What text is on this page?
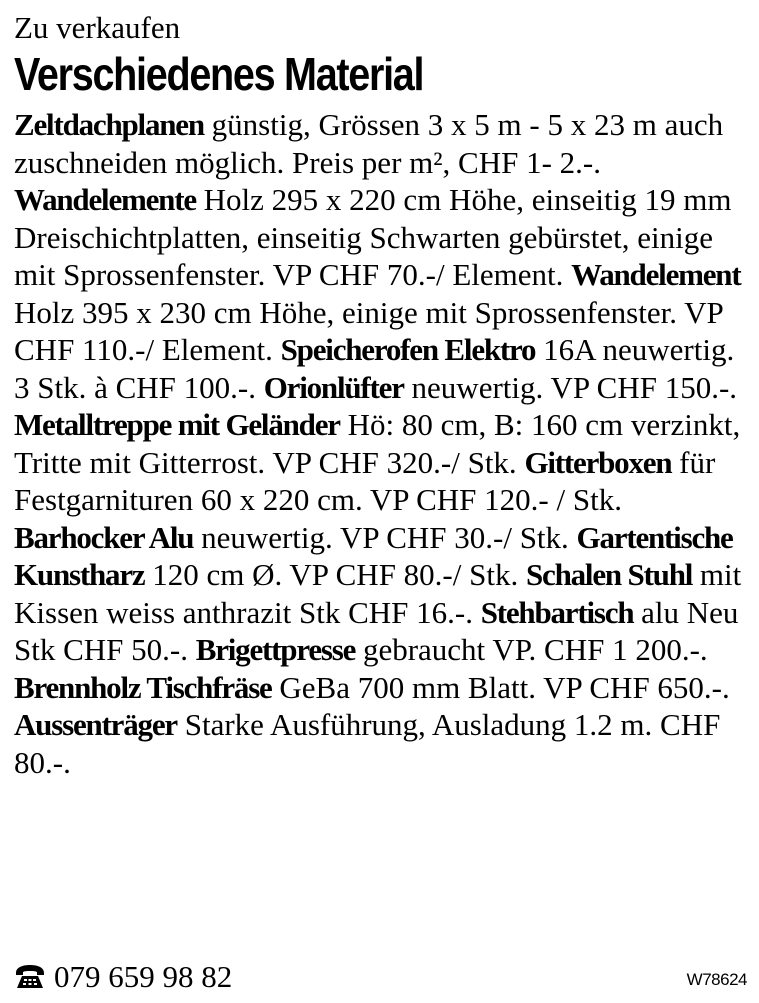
Zu verkaufen

Verschiedenes Material

Zeltdachplanen günstig, Grössen 3 x 5 m - 5 x 23 m auch zuschneiden möglich. Preis per m², CHF 1- 2.-. Wandelemente Holz 295 x 220 cm Höhe, einseitig 19 mm Dreischichtplatten, einseitig Schwarten gebürstet, einige mit Sprossenfenster. VP CHF 70.-/ Element. Wandelement Holz 395 x 230 cm Höhe, einige mit Sprossenfenster. VP CHF 110.-/ Element. Speicherofen Elektro 16A neuwertig. 3 Stk. à CHF 100.-. Orionlüfter neuwertig. VP CHF 150.-. Metalltreppe mit Geländer Hö: 80 cm, B: 160 cm verzinkt, Tritte mit Gitterrost. VP CHF 320.-/ Stk. Gitterboxen für Festgarnituren 60 x 220 cm. VP CHF 120.- / Stk. Barhocker Alu neuwertig. VP CHF 30.-/ Stk. Gartentische Kunstharz 120 cm Ø. VP CHF 80.-/ Stk. Schalen Stuhl mit Kissen weiss anthrazit Stk CHF 16.-. Stehbartisch alu Neu Stk CHF 50.-. Brigettpresse gebraucht VP. CHF 1 200.-. Brennholz Tischfräse GeBa 700 mm Blatt. VP CHF 650.-. Aussenträger Starke Ausführung, Ausladung 1.2 m. CHF 80.-.

079 659 98 82	W78624
